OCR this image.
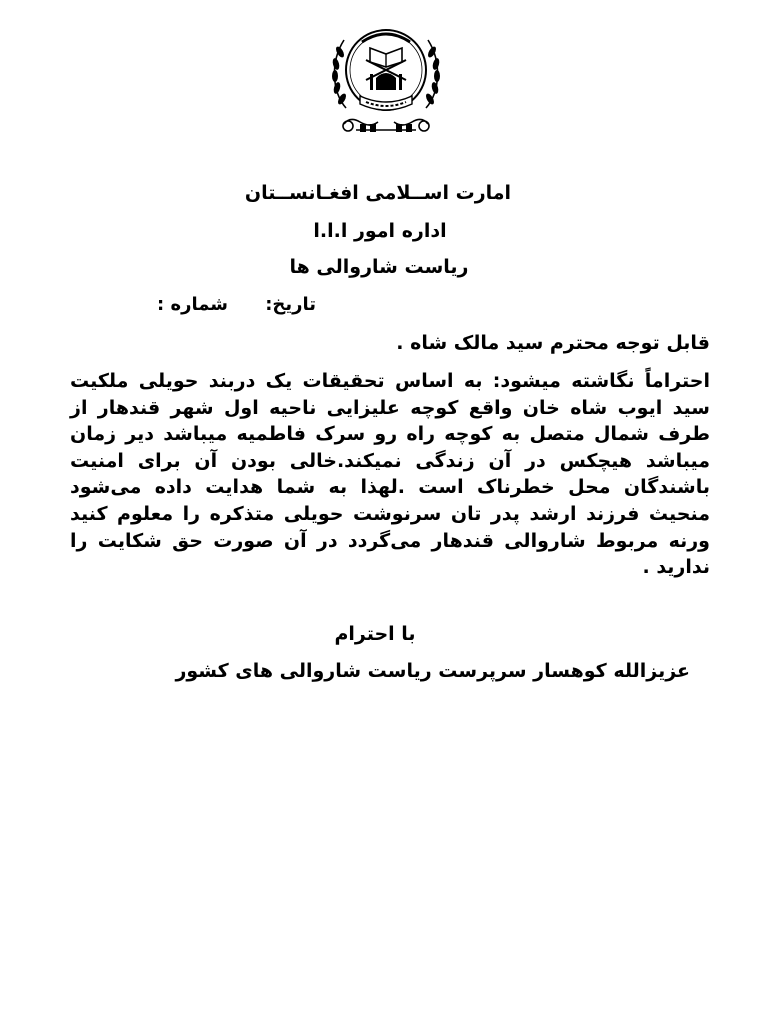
امارت اســلامی افغـانســتان
اداره امور ا.ا.ا
ریاست شاروالی ها
تاریخ:
شماره :
قابل توجه محترم سید مالک شاه .
احتراماً نگاشته میشود: به اساس تحقیقات یک دربند حویلی ملکیت سید ایوب شاه خان واقع کوچه علیزایی ناحیه اول شهر قندهار از طرف شمال متصل به کوچه راه رو سرک فاطمیه میباشد دیر زمان میباشد هیچکس در آن زندگی نمیکند.خالی بودن آن برای امنیت باشندگان محل خطرناک است .لهذا به شما هدایت داده می‌شود منحیث فرزند ارشد پدر تان سرنوشت حویلی متذکره را معلوم کنید ورنه مربوط شاروالی قندهار می‌گردد در آن صورت حق شکایت را ندارید .
با احترام
عزیزالله کوهسار سرپرست ریاست شاروالی های کشور
